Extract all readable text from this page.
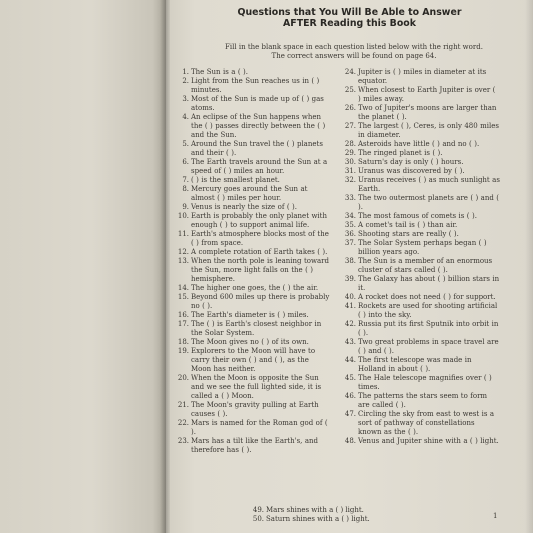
Questions that You Will Be Able to Answer
AFTER Reading this Book
Fill in the blank space in each question listed below with the right word.
The correct answers will be found on page 64.
1. The Sun is a ( ).
2. Light from the Sun reaches us in ( ) minutes.
3. Most of the Sun is made up of ( ) gas atoms.
4. An eclipse of the Sun happens when the ( ) passes directly between the ( ) and the Sun.
5. Around the Sun travel the ( ) planets and their ( ).
6. The Earth travels around the Sun at a speed of ( ) miles an hour.
7. ( ) is the smallest planet.
8. Mercury goes around the Sun at almost ( ) miles per hour.
9. Venus is nearly the size of ( ).
10. Earth is probably the only planet with enough ( ) to support animal life.
11. Earth's atmosphere blocks most of the ( ) from space.
12. A complete rotation of Earth takes ( ).
13. When the north pole is leaning toward the Sun, more light falls on the ( ) hemisphere.
14. The higher one goes, the ( ) the air.
15. Beyond 600 miles up there is probably no ( ).
16. The Earth's diameter is ( ) miles.
17. The ( ) is Earth's closest neighbor in the Solar System.
18. The Moon gives no ( ) of its own.
19. Explorers to the Moon will have to carry their own ( ) and ( ), as the Moon has neither.
20. When the Moon is opposite the Sun and we see the full lighted side, it is called a ( ) Moon.
21. The Moon's gravity pulling at Earth causes ( ).
22. Mars is named for the Roman god of ( ).
23. Mars has a tilt like the Earth's, and therefore has ( ).
24. Jupiter is ( ) miles in diameter at its equator.
25. When closest to Earth Jupiter is over ( ) miles away.
26. Two of Jupiter's moons are larger than the planet ( ).
27. The largest ( ), Ceres, is only 480 miles in diameter.
28. Asteroids have little ( ) and no ( ).
29. The ringed planet is ( ).
30. Saturn's day is only ( ) hours.
31. Uranus was discovered by ( ).
32. Uranus receives ( ) as much sunlight as Earth.
33. The two outermost planets are ( ) and ( ).
34. The most famous of comets is ( ).
35. A comet's tail is ( ) than air.
36. Shooting stars are really ( ).
37. The Solar System perhaps began ( ) billion years ago.
38. The Sun is a member of an enormous cluster of stars called ( ).
39. The Galaxy has about ( ) billion stars in it.
40. A rocket does not need ( ) for support.
41. Rockets are used for shooting artificial ( ) into the sky.
42. Russia put its first Sputnik into orbit in ( ).
43. Two great problems in space travel are ( ) and ( ).
44. The first telescope was made in Holland in about ( ).
45. The Hale telescope magnifies over ( ) times.
46. The patterns the stars seem to form are called ( ).
47. Circling the sky from east to west is a sort of pathway of constellations known as the ( ).
48. Venus and Jupiter shine with a ( ) light.
49. Mars shines with a ( ) light.
50. Saturn shines with a ( ) light.	1
